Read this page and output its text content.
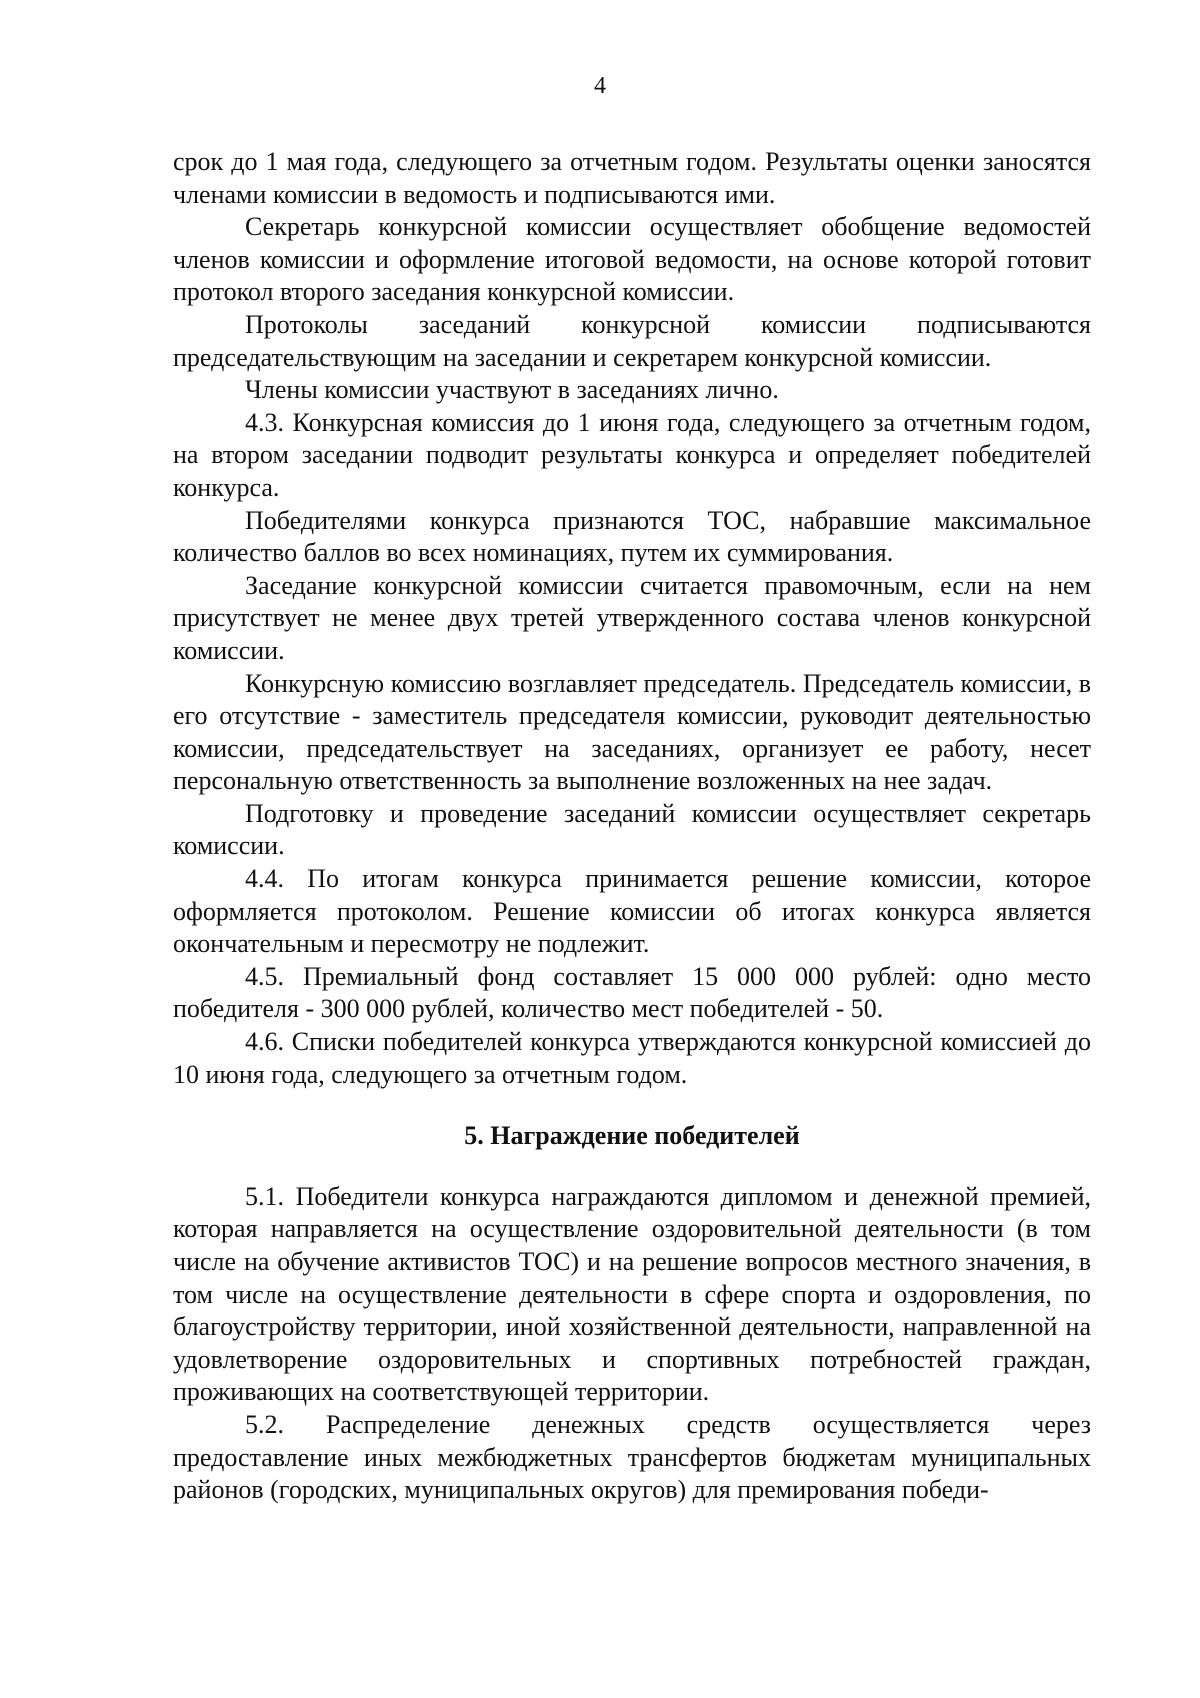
4

срок до 1 мая года, следующего за отчетным годом. Результаты оценки заносятся членами комиссии в ведомость и подписываются ими.

Секретарь конкурсной комиссии осуществляет обобщение ведомостей членов комиссии и оформление итоговой ведомости, на основе которой готовит протокол второго заседания конкурсной комиссии.

Протоколы заседаний конкурсной комиссии подписываются председательствующим на заседании и секретарем конкурсной комиссии.

Члены комиссии участвуют в заседаниях лично.

4.3. Конкурсная комиссия до 1 июня года, следующего за отчетным годом, на втором заседании подводит результаты конкурса и определяет победителей конкурса.

Победителями конкурса признаются ТОС, набравшие максимальное количество баллов во всех номинациях, путем их суммирования.

Заседание конкурсной комиссии считается правомочным, если на нем присутствует не менее двух третей утвержденного состава членов конкурсной комиссии.

Конкурсную комиссию возглавляет председатель. Председатель комиссии, в его отсутствие - заместитель председателя комиссии, руководит деятельностью комиссии, председательствует на заседаниях, организует ее работу, несет персональную ответственность за выполнение возложенных на нее задач.

Подготовку и проведение заседаний комиссии осуществляет секретарь комиссии.

4.4. По итогам конкурса принимается решение комиссии, которое оформляется протоколом. Решение комиссии об итогах конкурса является окончательным и пересмотру не подлежит.

4.5. Премиальный фонд составляет 15 000 000 рублей: одно место победителя - 300 000 рублей, количество мест победителей - 50.

4.6. Списки победителей конкурса утверждаются конкурсной комиссией до 10 июня года, следующего за отчетным годом.

5. Награждение победителей

5.1. Победители конкурса награждаются дипломом и денежной премией, которая направляется на осуществление оздоровительной деятельности (в том числе на обучение активистов ТОС) и на решение вопросов местного значения, в том числе на осуществление деятельности в сфере спорта и оздоровления, по благоустройству территории, иной хозяйственной деятельности, направленной на удовлетворение оздоровительных и спортивных потребностей граждан, проживающих на соответствующей территории.

5.2. Распределение денежных средств осуществляется через предоставление иных межбюджетных трансфертов бюджетам муниципальных районов (городских, муниципальных округов) для премирования победи-
